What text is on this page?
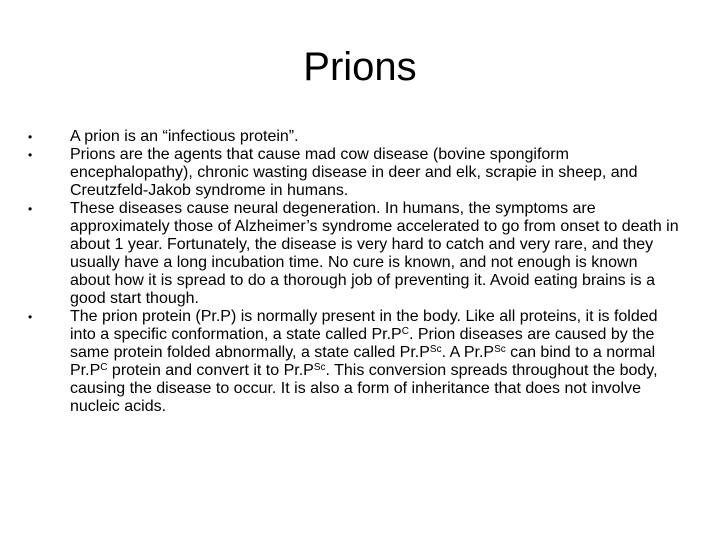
Prions
•	A prion is an “infectious protein”.
•	Prions are the agents that cause mad cow disease (bovine spongiform encephalopathy), chronic wasting disease in deer and elk, scrapie in sheep, and Creutzfeld-Jakob syndrome in humans.
•	These diseases cause neural degeneration. In humans, the symptoms are approximately those of Alzheimer’s syndrome accelerated to go from onset to death in about 1 year. Fortunately, the disease is very hard to catch and very rare, and they usually have a long incubation time. No cure is known, and not enough is known about how it is spread to do a thorough job of preventing it. Avoid eating brains is a good start though.
•	The prion protein (Pr.P) is normally present in the body. Like all proteins, it is folded into a specific conformation, a state called $Pr.P^C$. Prion diseases are caused by the same protein folded abnormally, a state called $Pr.P^{Sc}$. A $Pr.P^{Sc}$ can bind to a normal $Pr.P^C$ protein and convert it to $Pr.P^{Sc}$. This conversion spreads throughout the body, causing the disease to occur. It is also a form of inheritance that does not involve nucleic acids.
